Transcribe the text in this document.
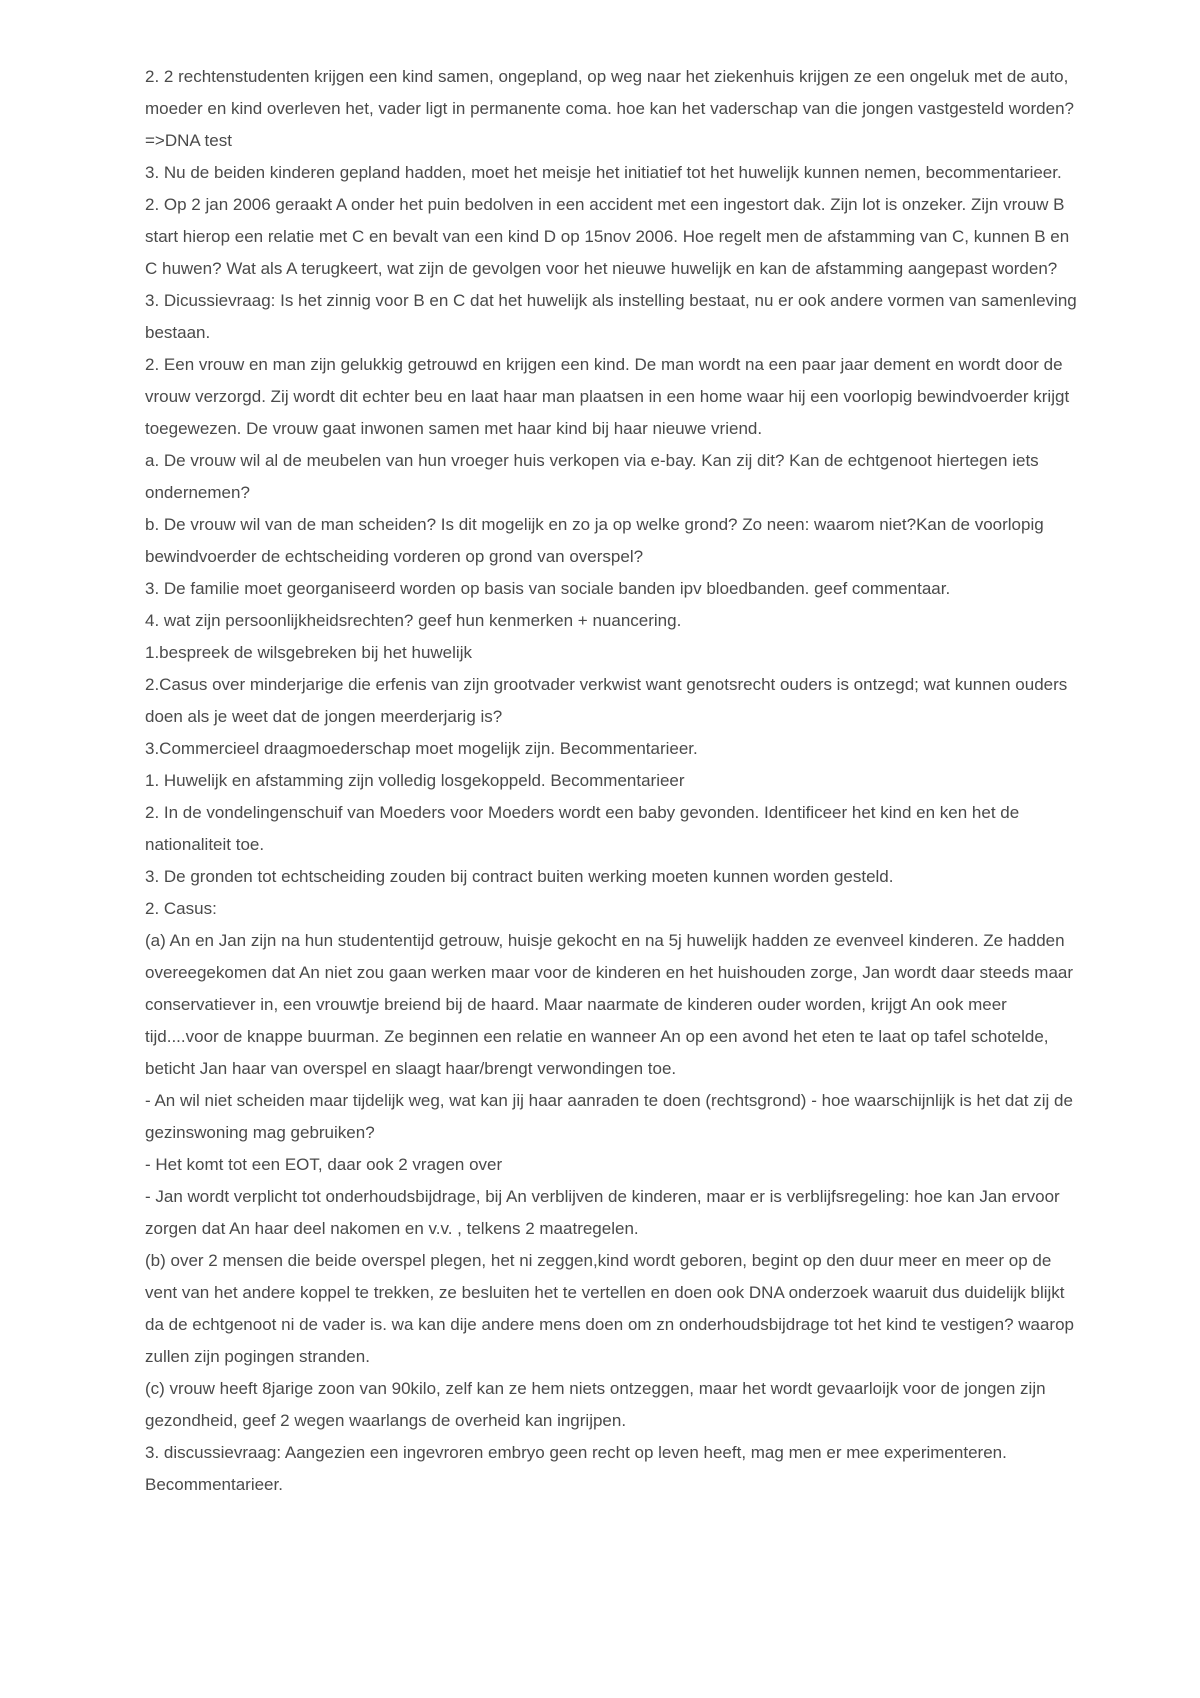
2. 2 rechtenstudenten krijgen een kind samen, ongepland, op weg naar het ziekenhuis krijgen ze een ongeluk met de auto, moeder en kind overleven het, vader ligt in permanente coma. hoe kan het vaderschap van die jongen vastgesteld worden?

=>DNA test

3. Nu de beiden kinderen gepland hadden, moet het meisje het initiatief tot het huwelijk kunnen nemen, becommentarieer.

2. Op 2 jan 2006 geraakt A onder het puin bedolven in een accident met een ingestort dak. Zijn lot is onzeker. Zijn vrouw B start hierop een relatie met C en bevalt van een kind D op 15nov 2006. Hoe regelt men de afstamming van C, kunnen B en C huwen? Wat als A terugkeert, wat zijn de gevolgen voor het nieuwe huwelijk en kan de afstamming aangepast worden?

3. Dicussievraag: Is het zinnig voor B en C dat het huwelijk als instelling bestaat, nu er ook andere vormen van samenleving bestaan.

2. Een vrouw en man zijn gelukkig getrouwd en krijgen een kind. De man wordt na een paar jaar dement en wordt door de vrouw verzorgd. Zij wordt dit echter beu en laat haar man plaatsen in een home waar hij een voorlopig bewindvoerder krijgt toegewezen. De vrouw gaat inwonen samen met haar kind bij haar nieuwe vriend.

a. De vrouw wil al de meubelen van hun vroeger huis verkopen via e-bay. Kan zij dit? Kan de echtgenoot hiertegen iets ondernemen?

b. De vrouw wil van de man scheiden? Is dit mogelijk en zo ja op welke grond? Zo neen: waarom niet?Kan de voorlopig bewindvoerder de echtscheiding vorderen op grond van overspel?

3. De familie moet georganiseerd worden op basis van sociale banden ipv bloedbanden. geef commentaar.

4. wat zijn persoonlijkheidsrechten? geef hun kenmerken + nuancering.

1.bespreek de wilsgebreken bij het huwelijk

2.Casus over minderjarige die erfenis van zijn grootvader verkwist want genotsrecht ouders is ontzegd; wat kunnen ouders doen als je weet dat de jongen meerderjarig is?

3.Commercieel draagmoederschap moet mogelijk zijn. Becommentarieer.

1. Huwelijk en afstamming zijn volledig losgekoppeld. Becommentarieer

2. In de vondelingenschuif van Moeders voor Moeders wordt een baby gevonden. Identificeer het kind en ken het de nationaliteit toe.

3. De gronden tot echtscheiding zouden bij contract buiten werking moeten kunnen worden gesteld.

2. Casus:

(a) An en Jan zijn na hun studententijd getrouw, huisje gekocht en na 5j huwelijk hadden ze evenveel kinderen. Ze hadden overeegekomen dat An niet zou gaan werken maar voor de kinderen en het huishouden zorge, Jan wordt daar steeds maar conservatiever in, een vrouwtje breiend bij de haard. Maar naarmate de kinderen ouder worden, krijgt An ook meer tijd....voor de knappe buurman. Ze beginnen een relatie en wanneer An op een avond het eten te laat op tafel schotelde, beticht Jan haar van overspel en slaagt haar/brengt verwondingen toe.

- An wil niet scheiden maar tijdelijk weg, wat kan jij haar aanraden te doen (rechtsgrond) - hoe waarschijnlijk is het dat zij de gezinswoning mag gebruiken?

- Het komt tot een EOT, daar ook 2 vragen over

- Jan wordt verplicht tot onderhoudsbijdrage, bij An verblijven de kinderen, maar er is verblijfsregeling: hoe kan Jan ervoor zorgen dat An haar deel nakomen en v.v. , telkens 2 maatregelen.

(b) over 2 mensen die beide overspel plegen, het ni zeggen,kind wordt geboren, begint op den duur meer en meer op de vent van het andere koppel te trekken, ze besluiten het te vertellen en doen ook DNA onderzoek waaruit dus duidelijk blijkt da de echtgenoot ni de vader is. wa kan dije andere mens doen om zn onderhoudsbijdrage tot het kind te vestigen? waarop zullen zijn pogingen stranden.

(c) vrouw heeft 8jarige zoon van 90kilo, zelf kan ze hem niets ontzeggen, maar het wordt gevaarloijk voor de jongen zijn gezondheid, geef 2 wegen waarlangs de overheid kan ingrijpen.

3. discussievraag: Aangezien een ingevroren embryo geen recht op leven heeft, mag men er mee experimenteren. Becommentarieer.
